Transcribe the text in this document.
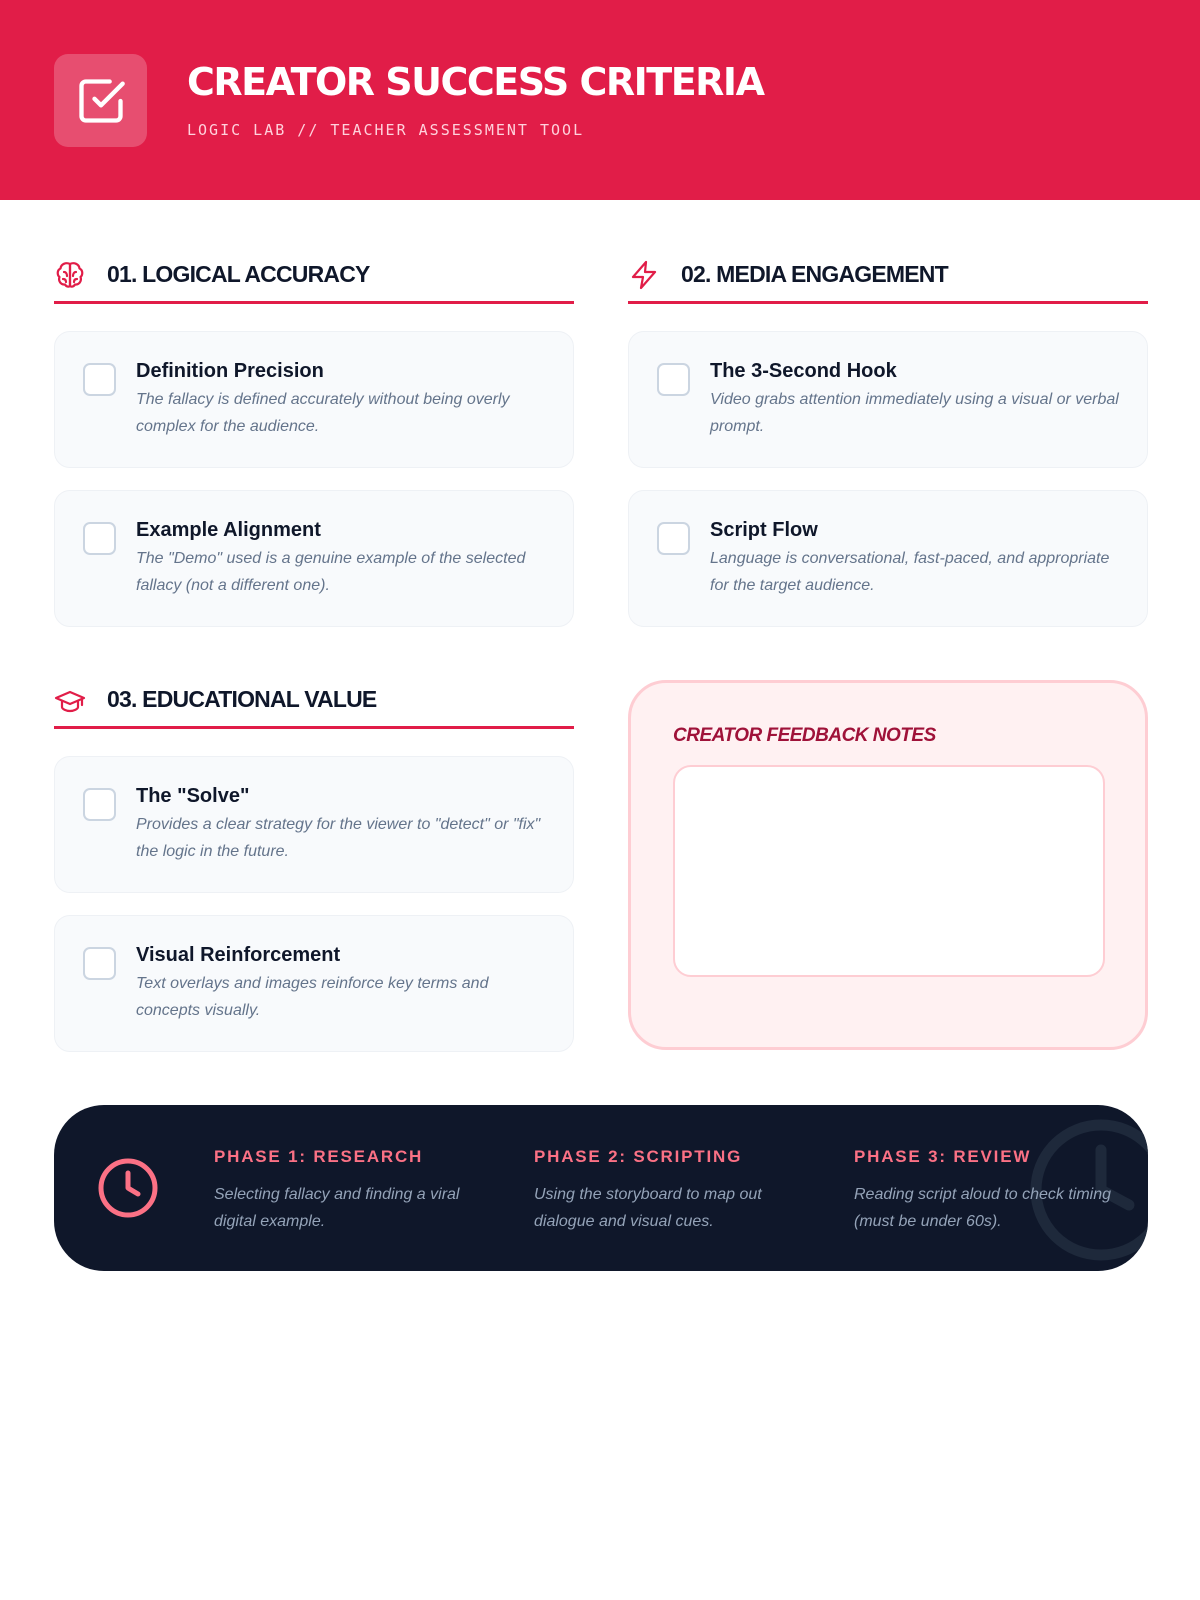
CREATOR SUCCESS CRITERIA
LOGIC LAB // TEACHER ASSESSMENT TOOL
01. LOGICAL ACCURACY
Definition Precision
The fallacy is defined accurately without being overly complex for the audience.
Example Alignment
The "Demo" used is a genuine example of the selected fallacy (not a different one).
02. MEDIA ENGAGEMENT
The 3-Second Hook
Video grabs attention immediately using a visual or verbal prompt.
Script Flow
Language is conversational, fast-paced, and appropriate for the target audience.
03. EDUCATIONAL VALUE
The "Solve"
Provides a clear strategy for the viewer to "detect" or "fix" the logic in the future.
Visual Reinforcement
Text overlays and images reinforce key terms and concepts visually.
CREATOR FEEDBACK NOTES
PHASE 1: RESEARCH
Selecting fallacy and finding a viral digital example.
PHASE 2: SCRIPTING
Using the storyboard to map out dialogue and visual cues.
PHASE 3: REVIEW
Reading script aloud to check timing (must be under 60s).
